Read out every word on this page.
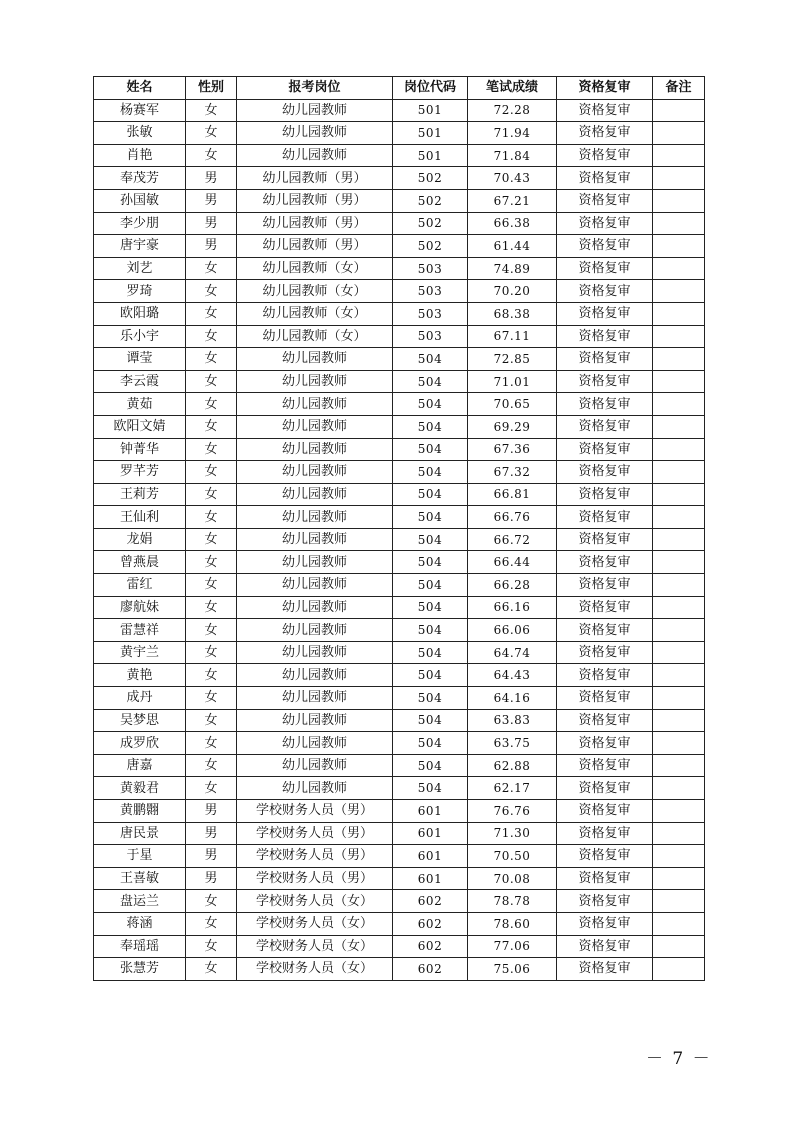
姓名	性别	报考岗位	岗位代码	笔试成绩	资格复审	备注
杨赛军	女	幼儿园教师	501	72.28	资格复审	
张敏	女	幼儿园教师	501	71.94	资格复审	
肖艳	女	幼儿园教师	501	71.84	资格复审	
奉茂芳	男	幼儿园教师（男）	502	70.43	资格复审	
孙国敏	男	幼儿园教师（男）	502	67.21	资格复审	
李少朋	男	幼儿园教师（男）	502	66.38	资格复审	
唐宇豪	男	幼儿园教师（男）	502	61.44	资格复审	
刘艺	女	幼儿园教师（女）	503	74.89	资格复审	
罗琦	女	幼儿园教师（女）	503	70.20	资格复审	
欧阳璐	女	幼儿园教师（女）	503	68.38	资格复审	
乐小宇	女	幼儿园教师（女）	503	67.11	资格复审	
谭莹	女	幼儿园教师	504	72.85	资格复审	
李云霞	女	幼儿园教师	504	71.01	资格复审	
黄茹	女	幼儿园教师	504	70.65	资格复审	
欧阳文婧	女	幼儿园教师	504	69.29	资格复审	
钟菁华	女	幼儿园教师	504	67.36	资格复审	
罗芊芳	女	幼儿园教师	504	67.32	资格复审	
王莉芳	女	幼儿园教师	504	66.81	资格复审	
王仙利	女	幼儿园教师	504	66.76	资格复审	
龙娟	女	幼儿园教师	504	66.72	资格复审	
曾燕晨	女	幼儿园教师	504	66.44	资格复审	
雷红	女	幼儿园教师	504	66.28	资格复审	
廖航妹	女	幼儿园教师	504	66.16	资格复审	
雷慧祥	女	幼儿园教师	504	66.06	资格复审	
黄宇兰	女	幼儿园教师	504	64.74	资格复审	
黄艳	女	幼儿园教师	504	64.43	资格复审	
成丹	女	幼儿园教师	504	64.16	资格复审	
吴梦思	女	幼儿园教师	504	63.83	资格复审	
成罗欣	女	幼儿园教师	504	63.75	资格复审	
唐嘉	女	幼儿园教师	504	62.88	资格复审	
黄毅君	女	幼儿园教师	504	62.17	资格复审	
黄鹏翾	男	学校财务人员（男）	601	76.76	资格复审	
唐民景	男	学校财务人员（男）	601	71.30	资格复审	
于星	男	学校财务人员（男）	601	70.50	资格复审	
王喜敏	男	学校财务人员（男）	601	70.08	资格复审	
盘运兰	女	学校财务人员（女）	602	78.78	资格复审	
蒋涵	女	学校财务人员（女）	602	78.60	资格复审	
奉瑶瑶	女	学校财务人员（女）	602	77.06	资格复审	
张慧芳	女	学校财务人员（女）	602	75.06	资格复审	
－ 7 －
